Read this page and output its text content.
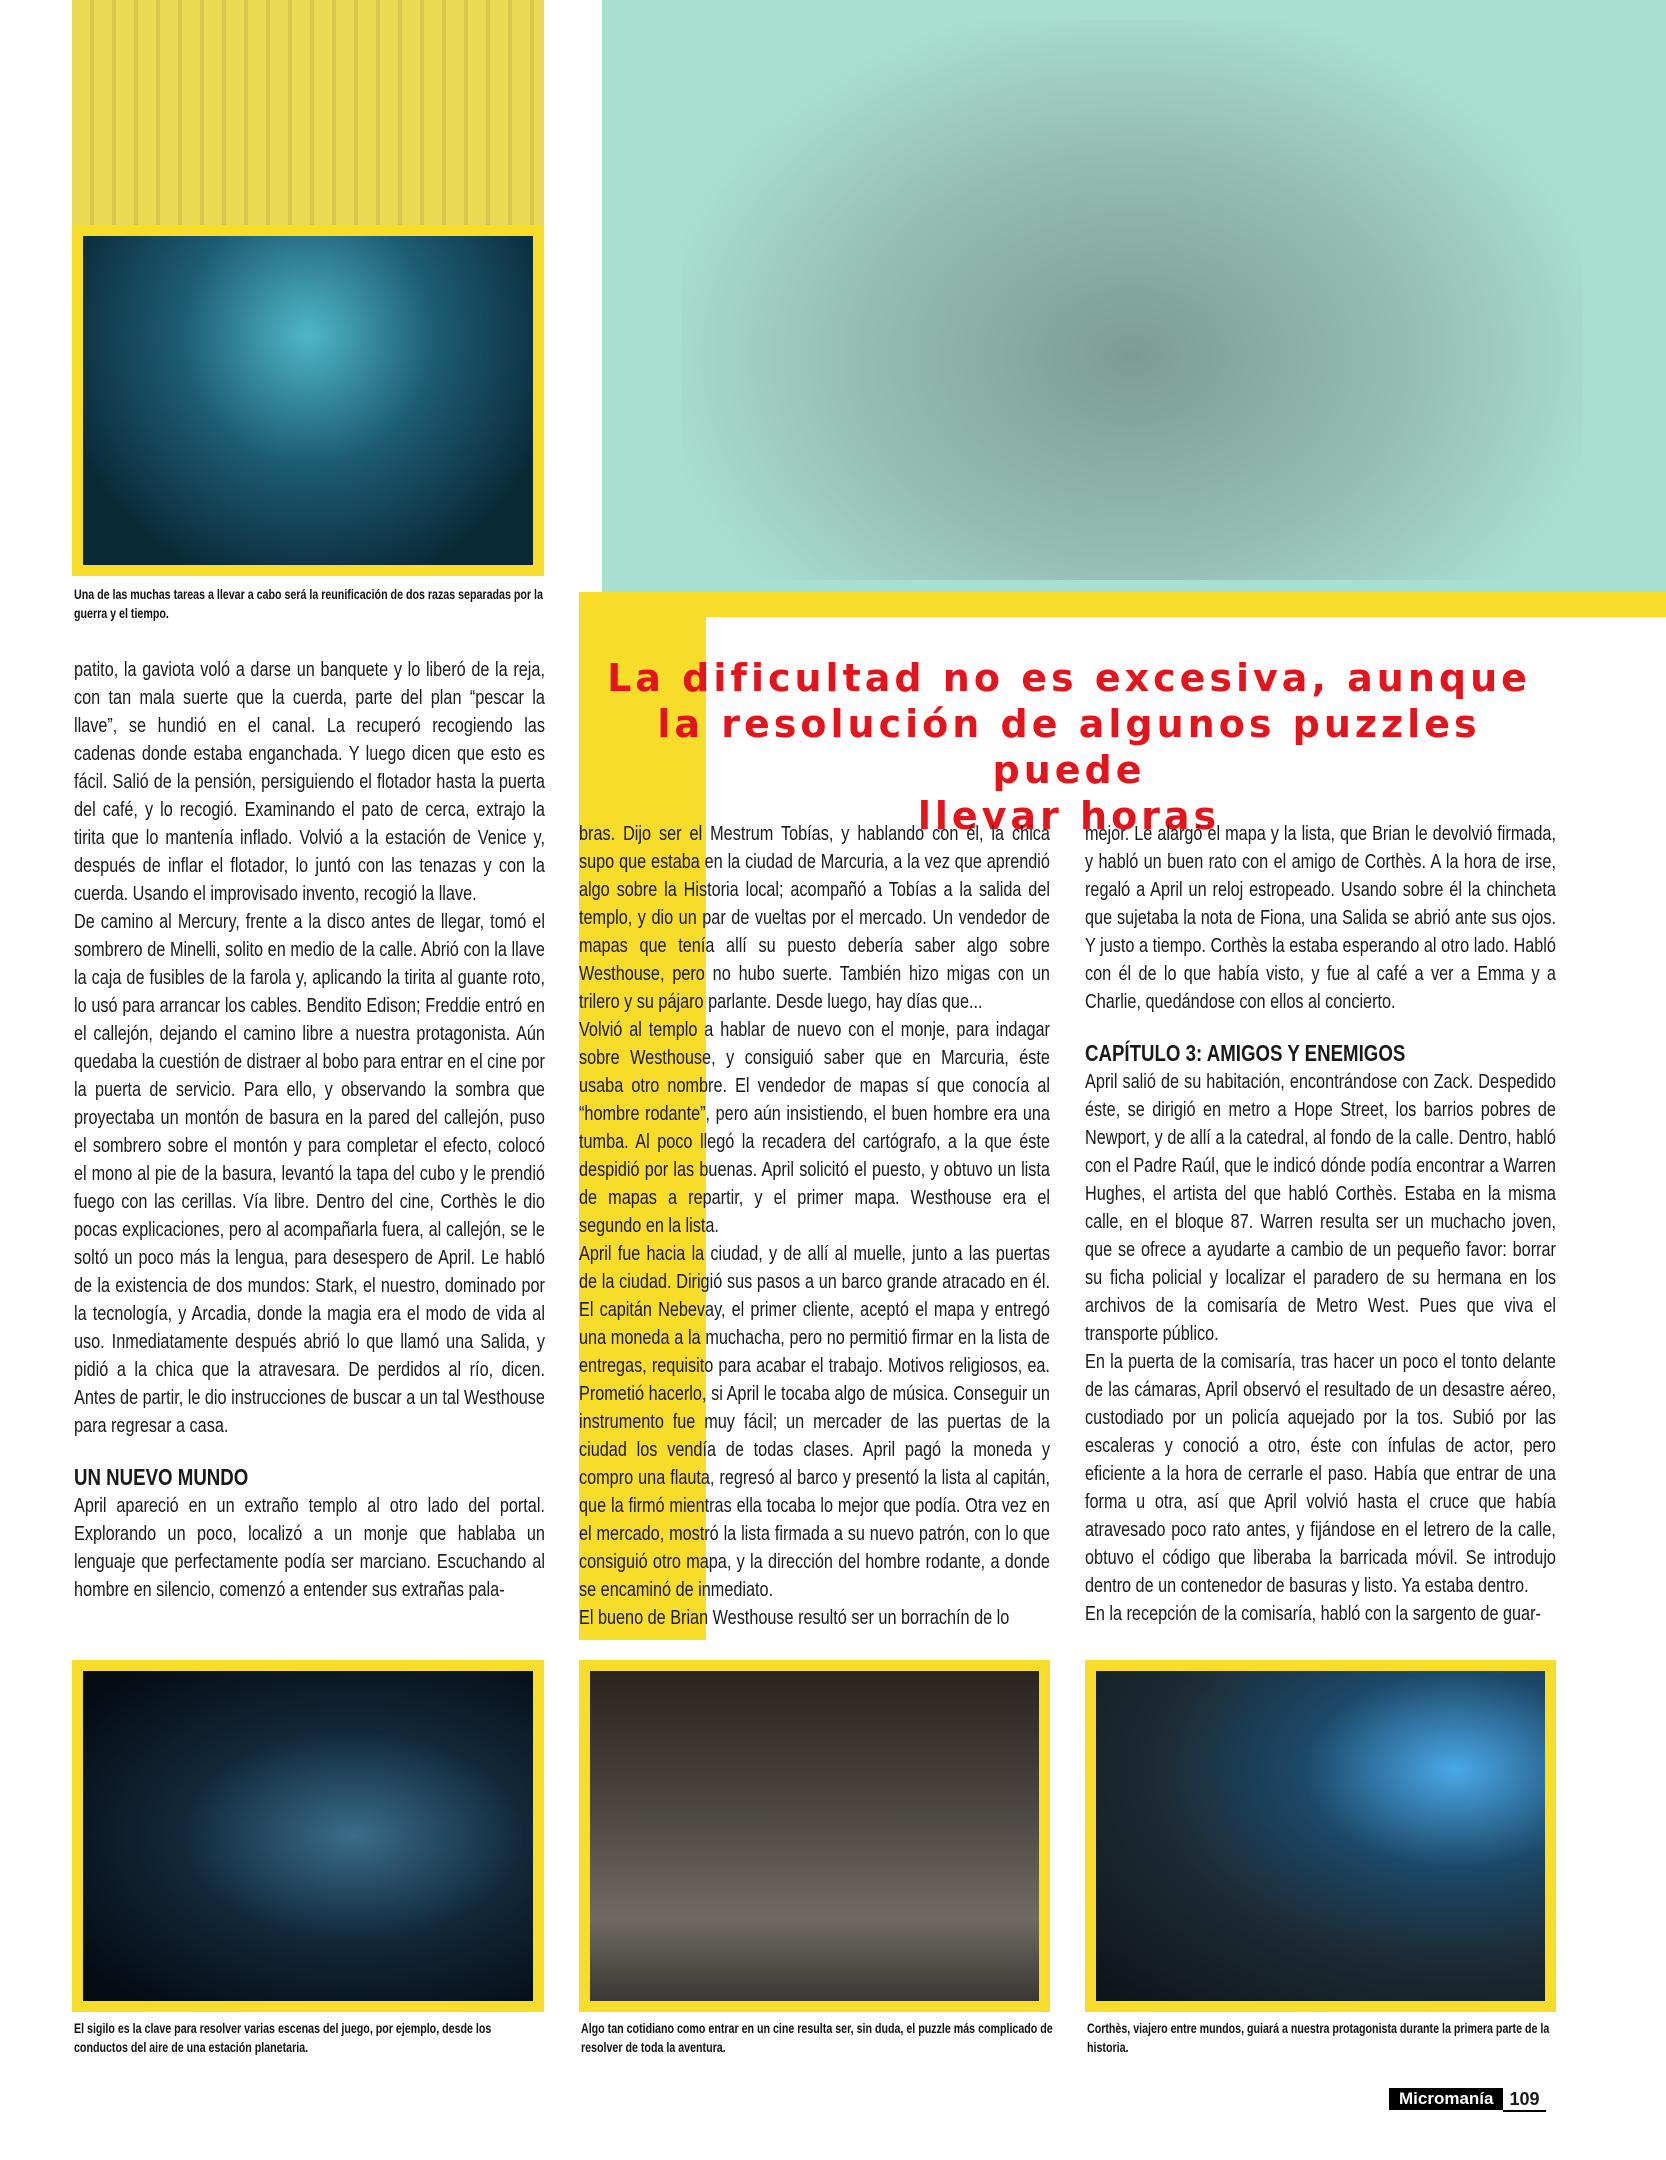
Una de las muchas tareas a llevar a cabo será la reunificación de dos razas separadas por la guerra y el tiempo.
La dificultad no es excesiva, aunque
la resolución de algunos puzzles puede
llevar horas

patito, la gaviota voló a darse un banquete y lo liberó de la reja, con tan mala suerte que la cuerda, parte del plan “pescar la llave”, se hundió en el canal. La recuperó recogiendo las cadenas donde estaba enganchada. Y luego dicen que esto es fácil. Salió de la pensión, persiguiendo el flotador hasta la puerta del café, y lo recogió. Examinando el pato de cerca, extrajo la tirita que lo mantenía inflado. Volvió a la estación de Venice y, después de inflar el flotador, lo juntó con las tenazas y con la cuerda. Usando el improvisado invento, recogió la llave.

De camino al Mercury, frente a la disco antes de llegar, tomó el sombrero de Minelli, solito en medio de la calle. Abrió con la llave la caja de fusibles de la farola y, aplicando la tirita al guante roto, lo usó para arrancar los cables. Bendito Edison; Freddie entró en el callejón, dejando el camino libre a nuestra protagonista. Aún quedaba la cuestión de distraer al bobo para entrar en el cine por la puerta de servicio. Para ello, y observando la sombra que proyectaba un montón de basura en la pared del callejón, puso el sombrero sobre el montón y para completar el efecto, colocó el mono al pie de la basura, levantó la tapa del cubo y le prendió fuego con las cerillas. Vía libre. Dentro del cine, Corthès le dio pocas explicaciones, pero al acompañarla fuera, al callejón, se le soltó un poco más la lengua, para desespero de April. Le habló de la existencia de dos mundos: Stark, el nuestro, dominado por la tecnología, y Arcadia, donde la magia era el modo de vida al uso. Inmediatamente después abrió lo que llamó una Salida, y pidió a la chica que la atravesara. De perdidos al río, dicen. Antes de partir, le dio instrucciones de buscar a un tal Westhouse para regresar a casa.

UN NUEVO MUNDO

April apareció en un extraño templo al otro lado del portal. Explorando un poco, localizó a un monje que hablaba un lenguaje que perfectamente podía ser marciano. Escuchando al hombre en silencio, comenzó a entender sus extrañas pala-

bras. Dijo ser el Mestrum Tobías, y hablando con él, la chica supo que estaba en la ciudad de Marcuria, a la vez que aprendió algo sobre la Historia local; acompañó a Tobías a la salida del templo, y dio un par de vueltas por el mercado. Un vendedor de mapas que tenía allí su puesto debería saber algo sobre Westhouse, pero no hubo suerte. También hizo migas con un trilero y su pájaro parlante. Desde luego, hay días que...

Volvió al templo a hablar de nuevo con el monje, para indagar sobre Westhouse, y consiguió saber que en Marcuria, éste usaba otro nombre. El vendedor de mapas sí que conocía al “hombre rodante”, pero aún insistiendo, el buen hombre era una tumba. Al poco llegó la recadera del cartógrafo, a la que éste despidió por las buenas. April solicitó el puesto, y obtuvo un lista de mapas a repartir, y el primer mapa. Westhouse era el segundo en la lista.

April fue hacia la ciudad, y de allí al muelle, junto a las puertas de la ciudad. Dirigió sus pasos a un barco grande atracado en él. El capitán Nebevay, el primer cliente, aceptó el mapa y entregó una moneda a la muchacha, pero no permitió firmar en la lista de entregas, requisito para acabar el trabajo. Motivos religiosos, ea. Prometió hacerlo, si April le tocaba algo de música. Conseguir un instrumento fue muy fácil; un mercader de las puertas de la ciudad los vendía de todas clases. April pagó la moneda y compro una flauta, regresó al barco y presentó la lista al capitán, que la firmó mientras ella tocaba lo mejor que podía. Otra vez en el mercado, mostró la lista firmada a su nuevo patrón, con lo que consiguió otro mapa, y la dirección del hombre rodante, a donde se encaminó de inmediato.

El bueno de Brian Westhouse resultó ser un borrachín de lo

mejor. Le alargó el mapa y la lista, que Brian le devolvió firmada, y habló un buen rato con el amigo de Corthès. A la hora de irse, regaló a April un reloj estropeado. Usando sobre él la chincheta que sujetaba la nota de Fiona, una Salida se abrió ante sus ojos. Y justo a tiempo. Corthès la estaba esperando al otro lado. Habló con él de lo que había visto, y fue al café a ver a Emma y a Charlie, quedándose con ellos al concierto.

CAPÍTULO 3: AMIGOS Y ENEMIGOS

April salió de su habitación, encontrándose con Zack. Despedido éste, se dirigió en metro a Hope Street, los barrios pobres de Newport, y de allí a la catedral, al fondo de la calle. Dentro, habló con el Padre Raúl, que le indicó dónde podía encontrar a Warren Hughes, el artista del que habló Corthès. Estaba en la misma calle, en el bloque 87. Warren resulta ser un muchacho joven, que se ofrece a ayudarte a cambio de un pequeño favor: borrar su ficha policial y localizar el paradero de su hermana en los archivos de la comisaría de Metro West. Pues que viva el transporte público.

En la puerta de la comisaría, tras hacer un poco el tonto delante de las cámaras, April observó el resultado de un desastre aéreo, custodiado por un policía aquejado por la tos. Subió por las escaleras y conoció a otro, éste con ínfulas de actor, pero eficiente a la hora de cerrarle el paso. Había que entrar de una forma u otra, así que April volvió hasta el cruce que había atravesado poco rato antes, y fijándose en el letrero de la calle, obtuvo el código que liberaba la barricada móvil. Se introdujo dentro de un contenedor de basuras y listo. Ya estaba dentro.

En la recepción de la comisaría, habló con la sargento de guar-

El sigilo es la clave para resolver varias escenas del juego, por ejemplo, desde los conductos del aire de una estación planetaria.
Algo tan cotidiano como entrar en un cine resulta ser, sin duda, el puzzle más complicado de resolver de toda la aventura.
Corthès, viajero entre mundos, guiará a nuestra protagonista durante la primera parte de la historia.
Micromanía 109
